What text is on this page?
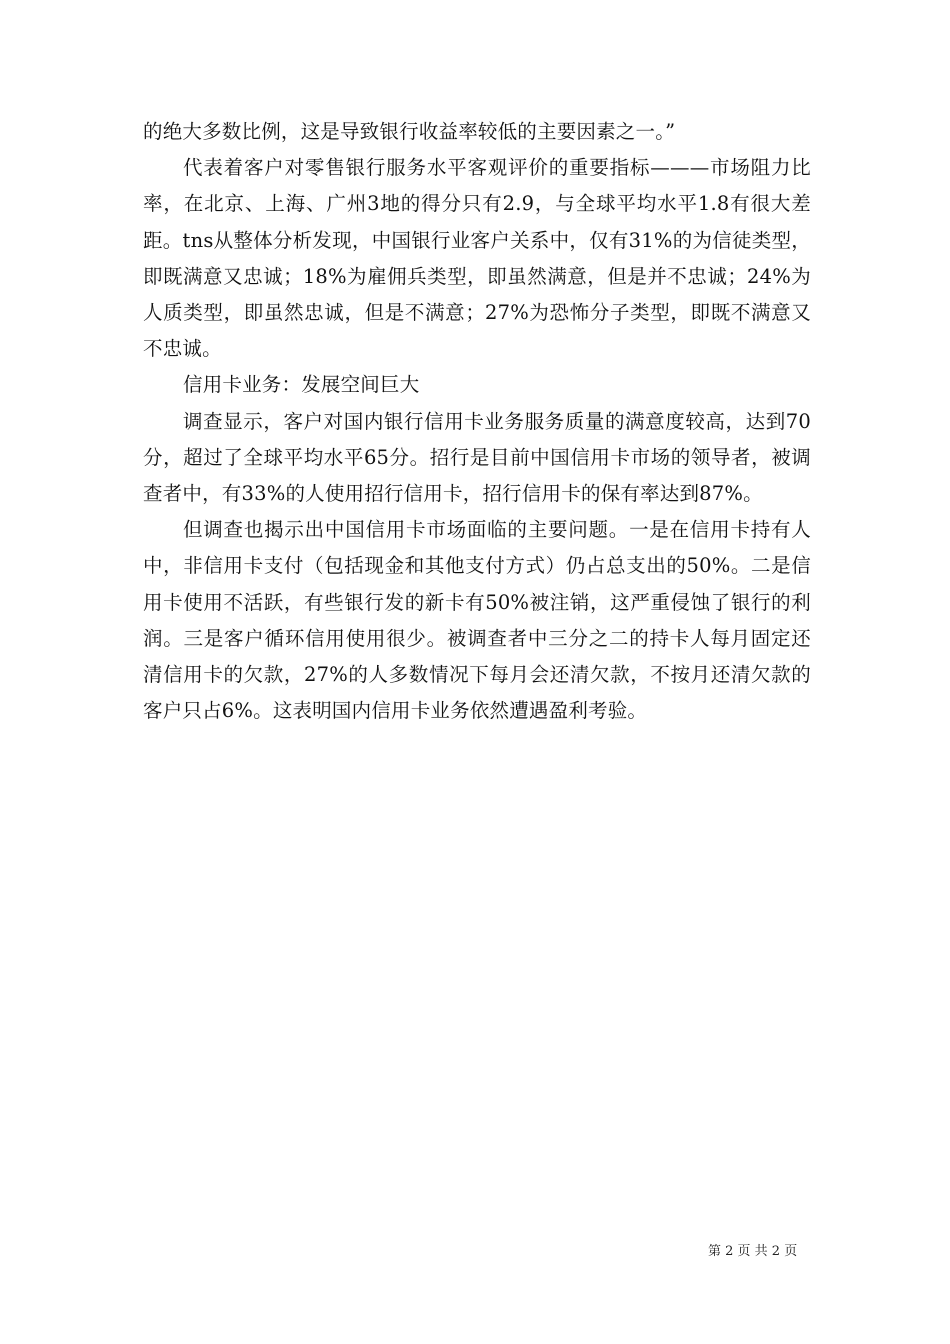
的绝大多数比例，这是导致银行收益率较低的主要因素之一。”

代表着客户对零售银行服务水平客观评价的重要指标———市场阻力比率，在北京、上海、广州3地的得分只有2.9，与全球平均水平1.8有很大差距。tns从整体分析发现，中国银行业客户关系中，仅有31%的为信徒类型，即既满意又忠诚；18%为雇佣兵类型，即虽然满意，但是并不忠诚；24%为人质类型，即虽然忠诚，但是不满意；27%为恐怖分子类型，即既不满意又不忠诚。

信用卡业务：发展空间巨大

调查显示，客户对国内银行信用卡业务服务质量的满意度较高，达到70分，超过了全球平均水平65分。招行是目前中国信用卡市场的领导者，被调查者中，有33%的人使用招行信用卡，招行信用卡的保有率达到87%。

但调查也揭示出中国信用卡市场面临的主要问题。一是在信用卡持有人中，非信用卡支付（包括现金和其他支付方式）仍占总支出的50%。二是信用卡使用不活跃，有些银行发的新卡有50%被注销，这严重侵蚀了银行的利润。三是客户循环信用使用很少。被调查者中三分之二的持卡人每月固定还清信用卡的欠款，27%的人多数情况下每月会还清欠款，不按月还清欠款的客户只占6%。这表明国内信用卡业务依然遭遇盈利考验。

第 2 页 共 2 页
